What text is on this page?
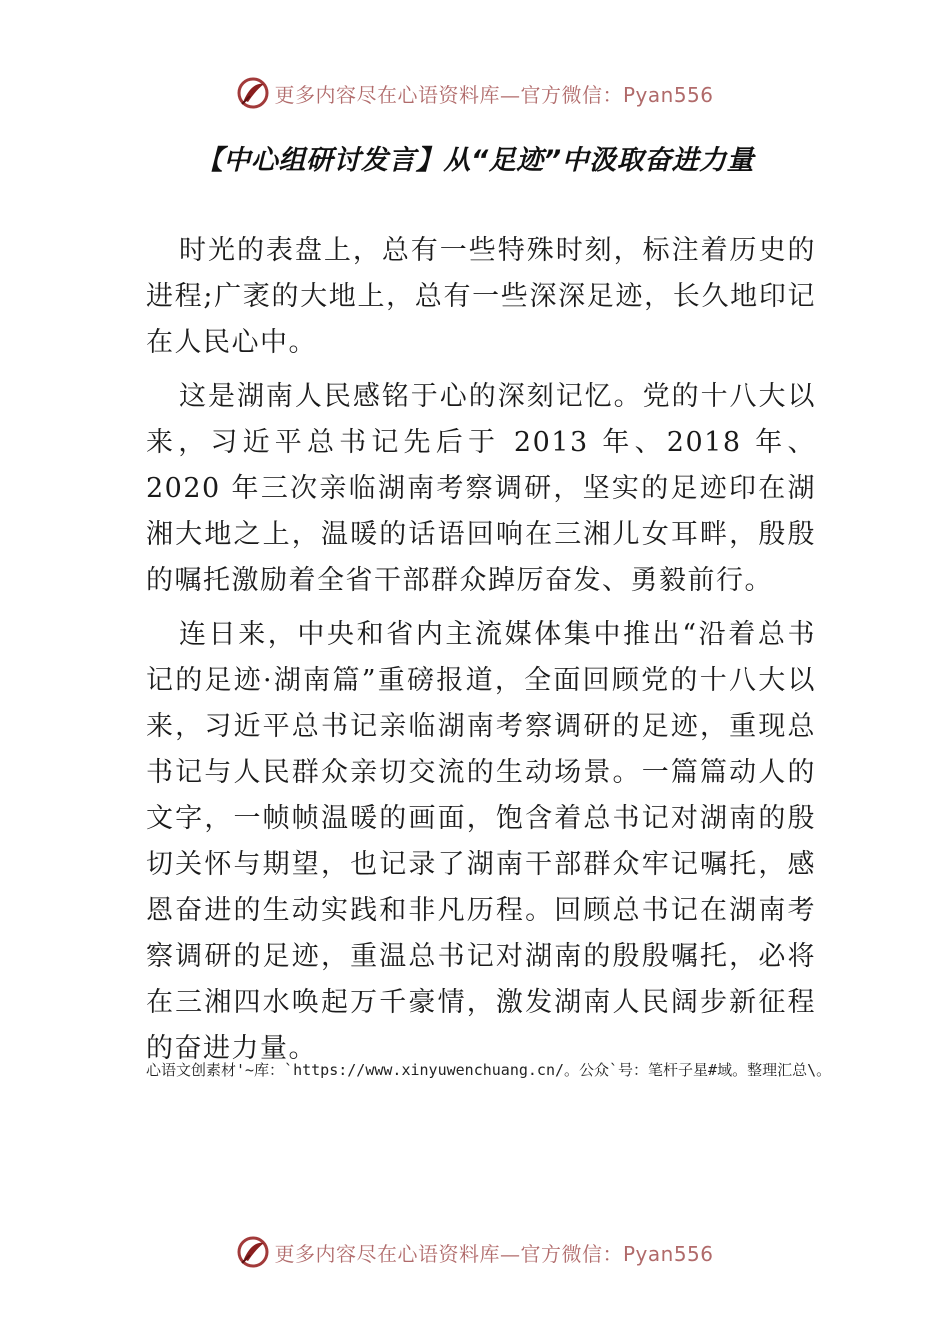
更多内容尽在心语资料库—官方微信：Pyan556
【中心组研讨发言】从“足迹”中汲取奋进力量

时光的表盘上，总有一些特殊时刻，标注着历史的进程;广袤的大地上，总有一些深深足迹，长久地印记在人民心中。

这是湖南人民感铭于心的深刻记忆。党的十八大以来，习近平总书记先后于 2013 年、2018 年、2020 年三次亲临湖南考察调研，坚实的足迹印在湖湘大地之上，温暖的话语回响在三湘儿女耳畔，殷殷的嘱托激励着全省干部群众踔厉奋发、勇毅前行。

连日来，中央和省内主流媒体集中推出“沿着总书记的足迹·湖南篇”重磅报道，全面回顾党的十八大以来，习近平总书记亲临湖南考察调研的足迹，重现总书记与人民群众亲切交流的生动场景。一篇篇动人的文字，一帧帧温暖的画面，饱含着总书记对湖南的殷切关怀与期望，也记录了湖南干部群众牢记嘱托，感恩奋进的生动实践和非凡历程。回顾总书记在湖南考察调研的足迹，重温总书记对湖南的殷殷嘱托，必将在三湘四水唤起万千豪情，激发湖南人民阔步新征程的奋进力量。

心语文创素材'~库：`https://www.xinyuwenchuang.cn/。公众`号：笔杆子星#域。整理汇总\。
更多内容尽在心语资料库—官方微信：Pyan556
